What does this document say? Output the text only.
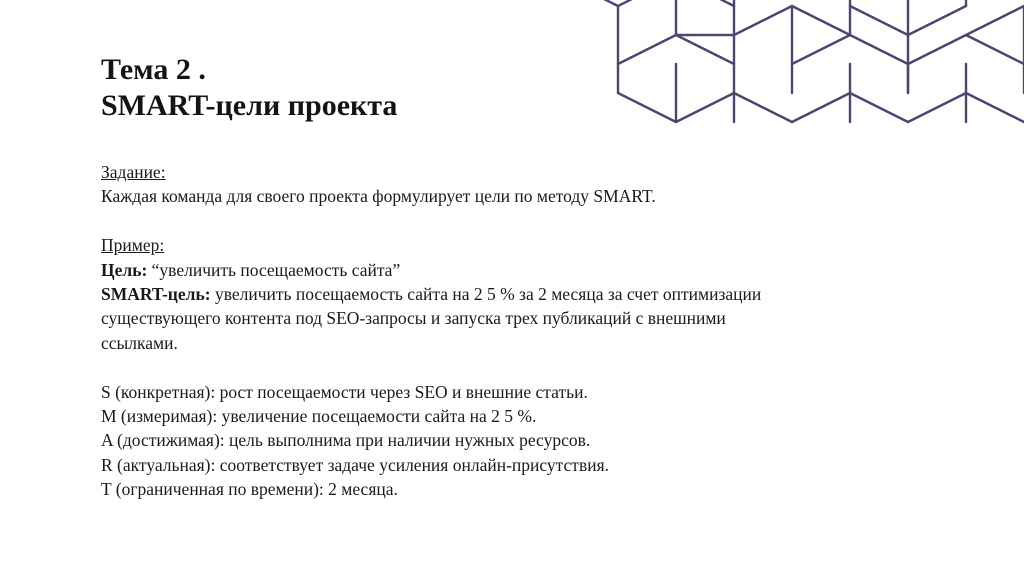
Тема 2 .
SMART-цели проекта

Задание:

Каждая команда для своего проекта формулирует цели по методу SMART.

Пример:

Цель: “увеличить посещаемость сайта”

SMART-цель: увеличить посещаемость сайта на 2 5 % за 2 месяца за счет оптимизации

существующего контента под SEO-запросы и запуска трех публикаций с внешними

ссылками.

S (конкретная): рост посещаемости через SEO и внешние статьи.

M (измеримая): увеличение посещаемости сайта на 2 5 %.

A (достижимая): цель выполнима при наличии нужных ресурсов.

R (актуальная): соответствует задаче усиления онлайн-присутствия.

T (ограниченная по времени): 2 месяца.
